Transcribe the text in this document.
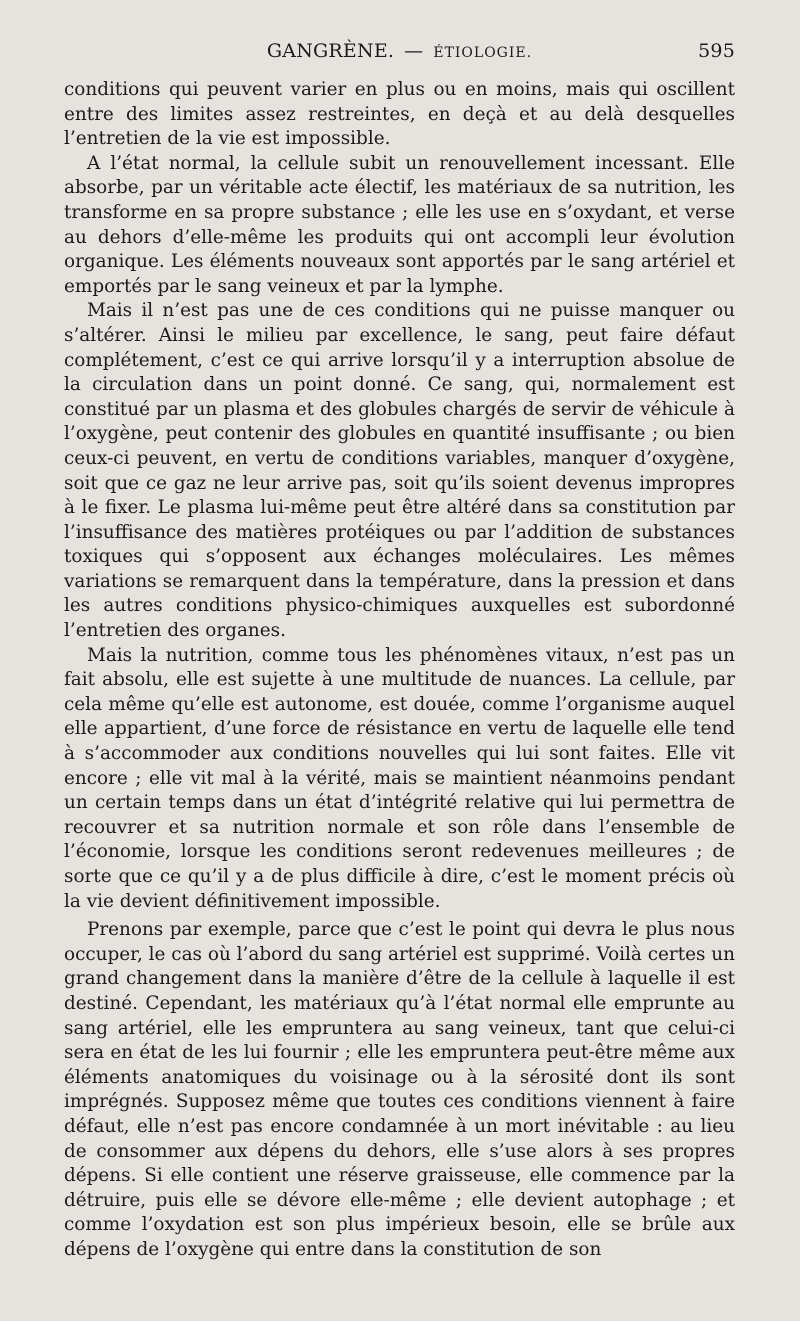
GANGRÈNE. — ÉTIOLOGIE.	595

conditions qui peuvent varier en plus ou en moins, mais qui oscillent entre des limites assez restreintes, en deçà et au delà desquelles l’entretien de la vie est impossible.

A l’état normal, la cellule subit un renouvellement incessant. Elle absorbe, par un véritable acte électif, les matériaux de sa nutrition, les transforme en sa propre substance ; elle les use en s’oxydant, et verse au dehors d’elle-même les produits qui ont accompli leur évolution organique. Les éléments nouveaux sont apportés par le sang artériel et emportés par le sang veineux et par la lymphe.

Mais il n’est pas une de ces conditions qui ne puisse manquer ou s’altérer. Ainsi le milieu par excellence, le sang, peut faire défaut complétement, c’est ce qui arrive lorsqu’il y a interruption absolue de la circulation dans un point donné. Ce sang, qui, normalement est constitué par un plasma et des globules chargés de servir de véhicule à l’oxygène, peut contenir des globules en quantité insuffisante ; ou bien ceux-ci peuvent, en vertu de conditions variables, manquer d’oxygène, soit que ce gaz ne leur arrive pas, soit qu’ils soient devenus impropres à le fixer. Le plasma lui-même peut être altéré dans sa constitution par l’insuffisance des matières protéiques ou par l’addition de substances toxiques qui s’opposent aux échanges moléculaires. Les mêmes variations se remarquent dans la température, dans la pression et dans les autres conditions physico-chimiques auxquelles est subordonné l’entretien des organes.

Mais la nutrition, comme tous les phénomènes vitaux, n’est pas un fait absolu, elle est sujette à une multitude de nuances. La cellule, par cela même qu’elle est autonome, est douée, comme l’organisme auquel elle appartient, d’une force de résistance en vertu de laquelle elle tend à s’accommoder aux conditions nouvelles qui lui sont faites. Elle vit encore ; elle vit mal à la vérité, mais se maintient néanmoins pendant un certain temps dans un état d’intégrité relative qui lui permettra de recouvrer et sa nutrition normale et son rôle dans l’ensemble de l’économie, lorsque les conditions seront redevenues meilleures ; de sorte que ce qu’il y a de plus difficile à dire, c’est le moment précis où la vie devient définitivement impossible.

Prenons par exemple, parce que c’est le point qui devra le plus nous occuper, le cas où l’abord du sang artériel est supprimé. Voilà certes un grand changement dans la manière d’être de la cellule à laquelle il est destiné. Cependant, les matériaux qu’à l’état normal elle emprunte au sang artériel, elle les empruntera au sang veineux, tant que celui-ci sera en état de les lui fournir ; elle les empruntera peut-être même aux éléments anatomiques du voisinage ou à la sérosité dont ils sont imprégnés. Supposez même que toutes ces conditions viennent à faire défaut, elle n’est pas encore condamnée à un mort inévitable : au lieu de consommer aux dépens du dehors, elle s’use alors à ses propres dépens. Si elle contient une réserve graisseuse, elle commence par la détruire, puis elle se dévore elle-même ; elle devient autophage ; et comme l’oxydation est son plus impérieux besoin, elle se brûle aux dépens de l’oxygène qui entre dans la constitution de son
